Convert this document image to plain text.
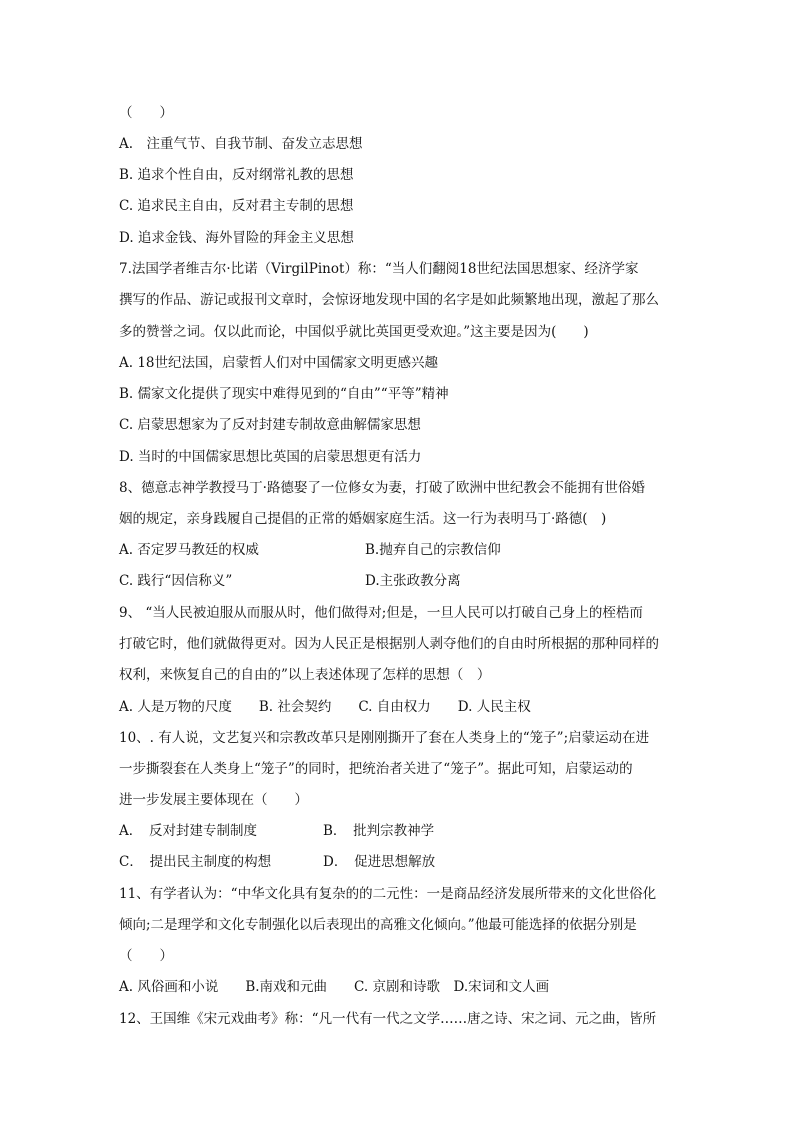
（　　）
A.　注重气节、自我节制、奋发立志思想
B. 追求个性自由，反对纲常礼教的思想
C. 追求民主自由，反对君主专制的思想
D. 追求金钱、海外冒险的拜金主义思想
7.法国学者维吉尔·比诺（VirgilPinot）称：“当人们翻阅18世纪法国思想家、经济学家
撰写的作品、游记或报刊文章时，会惊讶地发现中国的名字是如此频繁地出现，激起了那么
多的赞誉之词。仅以此而论，中国似乎就比英国更受欢迎。”这主要是因为(　　)
A. 18世纪法国，启蒙哲人们对中国儒家文明更感兴趣
B. 儒家文化提供了现实中难得见到的“自由”“平等”精神
C. 启蒙思想家为了反对封建专制故意曲解儒家思想
D. 当时的中国儒家思想比英国的启蒙思想更有活力
8、德意志神学教授马丁·路德娶了一位修女为妻，打破了欧洲中世纪教会不能拥有世俗婚
姻的规定，亲身践履自己提倡的正常的婚姻家庭生活。这一行为表明马丁·路德(　)
A. 否定罗马教廷的权威	B.抛弃自己的宗教信仰
C. 践行“因信称义”	D.主张政教分离
9、 “当人民被迫服从而服从时，他们做得对;但是，一旦人民可以打破自己身上的桎梏而
打破它时，他们就做得更对。因为人民正是根据别人剥夺他们的自由时所根据的那种同样的
权利，来恢复自己的自由的”以上表述体现了怎样的思想（　）
A. 人是万物的尺度　　B. 社会契约　　C. 自由权力　　D. 人民主权
10、. 有人说，文艺复兴和宗教改革只是刚刚撕开了套在人类身上的“笼子”;启蒙运动在进
一步撕裂套在人类身上“笼子”的同时，把统治者关进了“笼子”。据此可知，启蒙运动的
进一步发展主要体现在（　　）
A．　反对封建专制制度	B．　批判宗教神学
C．　提出民主制度的构想	D．　促进思想解放
11、有学者认为：“中华文化具有复杂的的二元性：一是商品经济发展所带来的文化世俗化
倾向;二是理学和文化专制强化以后表现出的高雅文化倾向。”他最可能选择的依据分别是
（　　）
A. 风俗画和小说　　B.南戏和元曲　　C. 京剧和诗歌　D.宋词和文人画
12、王国维《宋元戏曲考》称：“凡一代有一代之文学……唐之诗、宋之词、元之曲，皆所
